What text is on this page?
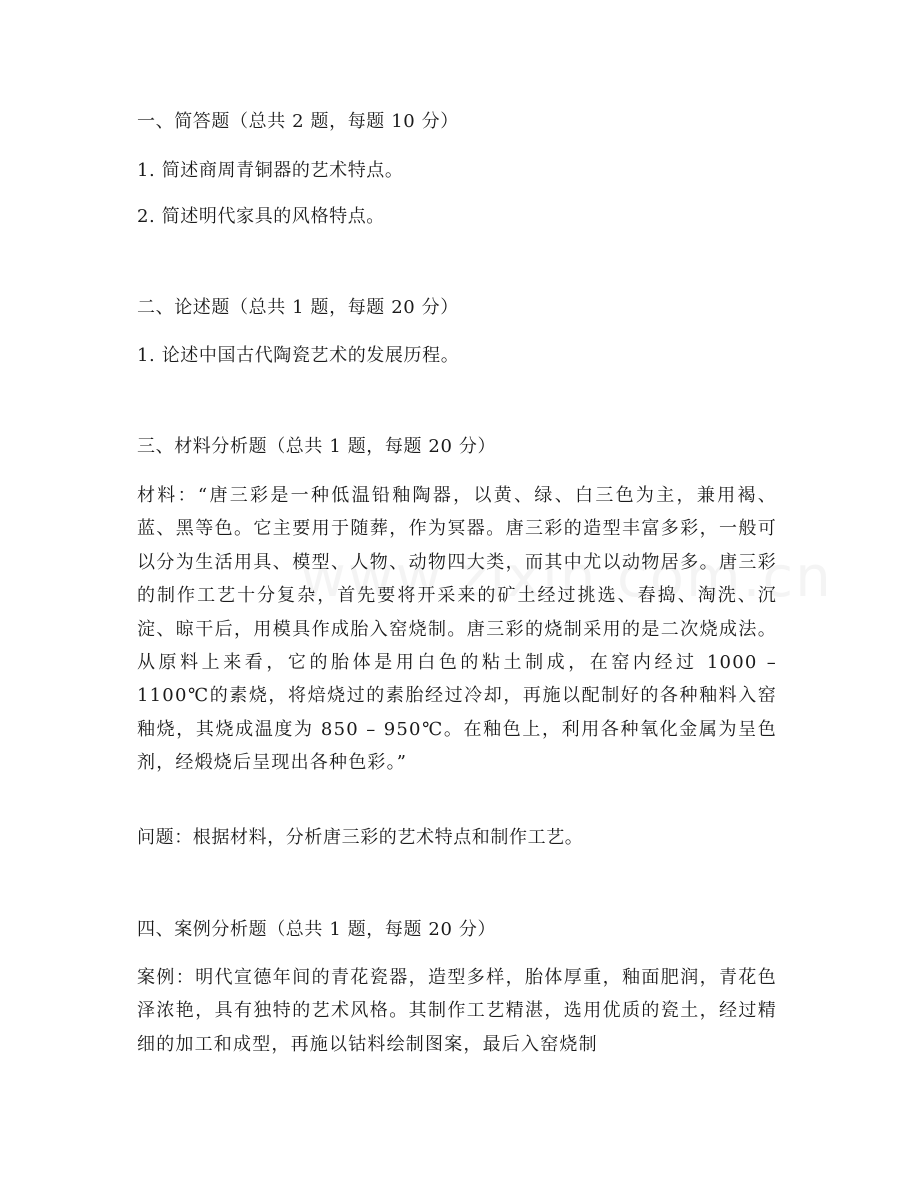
一、简答题（总共 2 题，每题 10 分）
1. 简述商周青铜器的艺术特点。
2. 简述明代家具的风格特点。
二、论述题（总共 1 题，每题 20 分）
1. 论述中国古代陶瓷艺术的发展历程。
三、材料分析题（总共 1 题，每题 20 分）
材料：“唐三彩是一种低温铅釉陶器，以黄、绿、白三色为主，兼用褐、蓝、黑等色。它主要用于随葬，作为冥器。唐三彩的造型丰富多彩，一般可以分为生活用具、模型、人物、动物四大类，而其中尤以动物居多。唐三彩的制作工艺十分复杂，首先要将开采来的矿土经过挑选、舂捣、淘洗、沉淀、晾干后，用模具作成胎入窑烧制。唐三彩的烧制采用的是二次烧成法。从原料上来看，它的胎体是用白色的粘土制成，在窑内经过 1000 – 1100℃的素烧，将焙烧过的素胎经过冷却，再施以配制好的各种釉料入窑釉烧，其烧成温度为 850 – 950℃。在釉色上，利用各种氧化金属为呈色剂，经煅烧后呈现出各种色彩。”
问题：根据材料，分析唐三彩的艺术特点和制作工艺。
四、案例分析题（总共 1 题，每题 20 分）
案例：明代宣德年间的青花瓷器，造型多样，胎体厚重，釉面肥润，青花色泽浓艳，具有独特的艺术风格。其制作工艺精湛，选用优质的瓷土，经过精细的加工和成型，再施以钴料绘制图案，最后入窑烧制
